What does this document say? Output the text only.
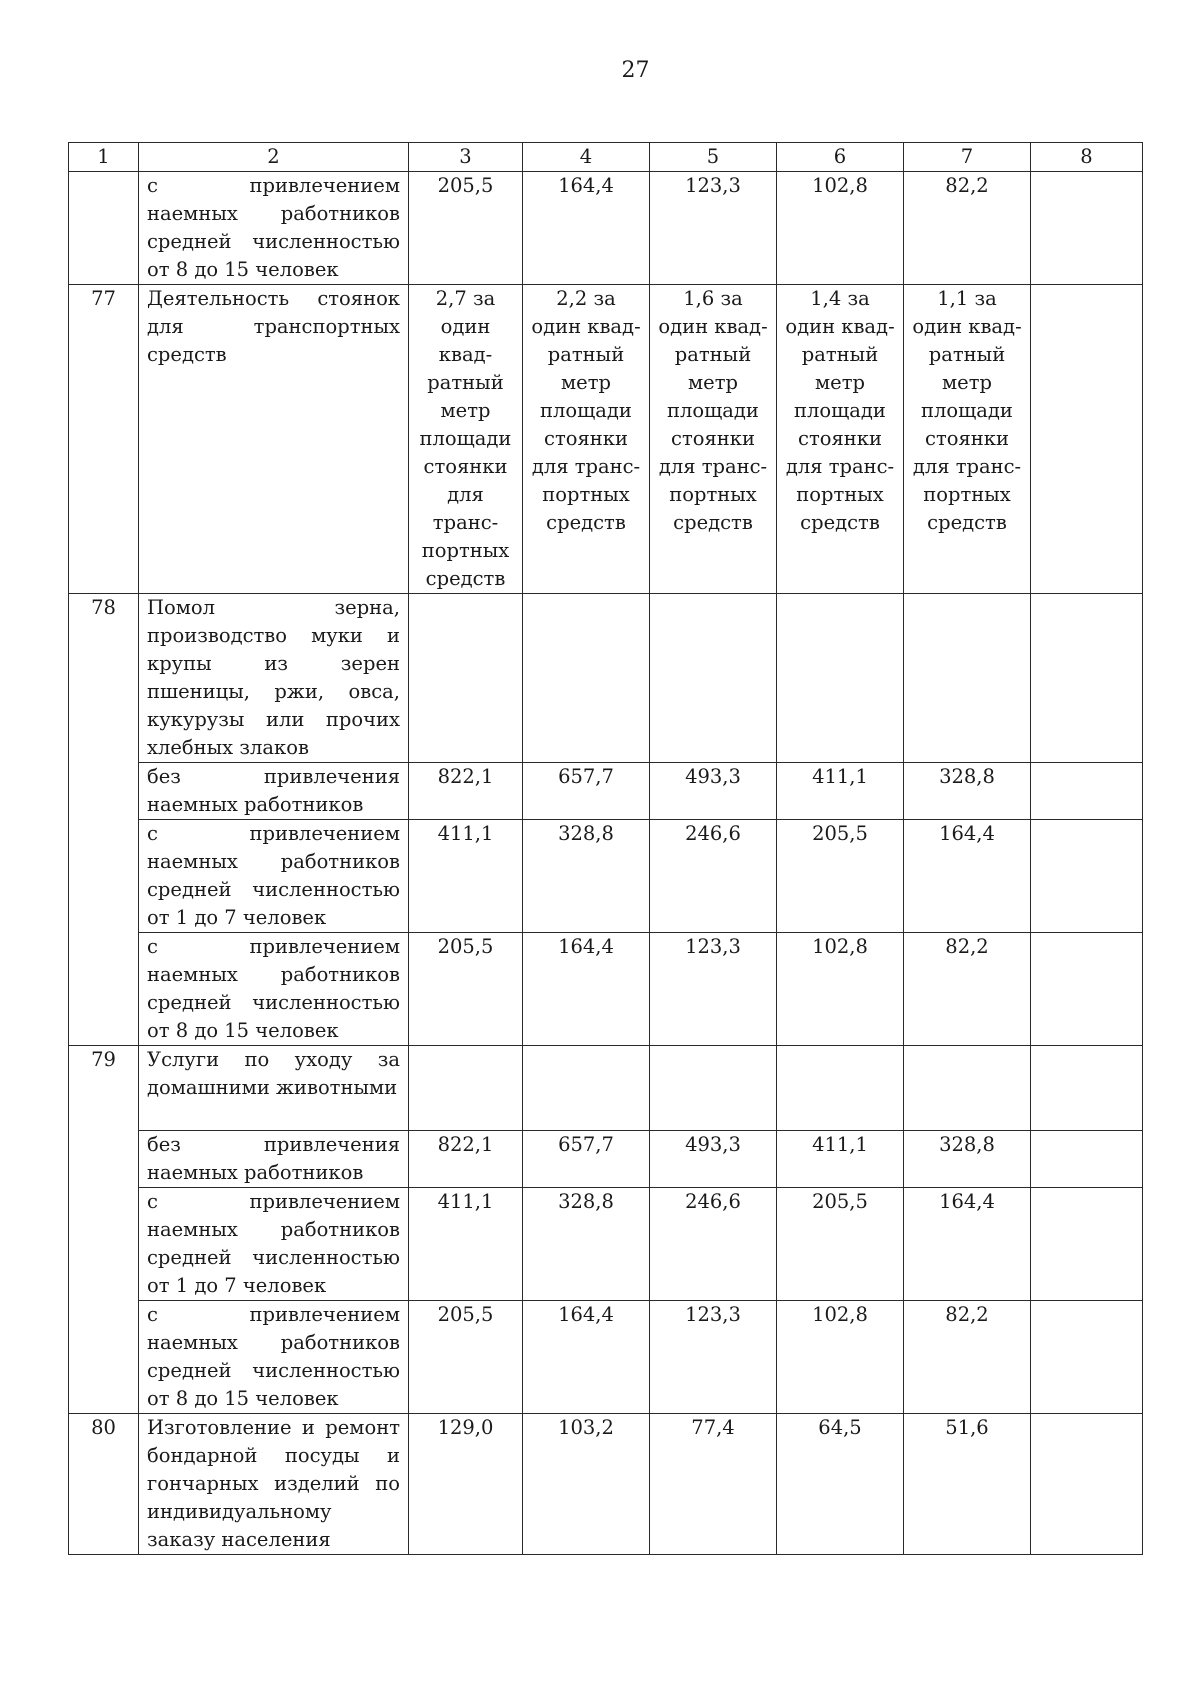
27
1	2	3	4	5	6	7	8
	с привлечением наемных работников средней численностью от 8 до 15 человек	205,5	164,4	123,3	102,8	82,2	
77	Деятельность стоянок для транспортных средств	2,7 за один квад-ратный метр площади стоянки для транс-портных средств	2,2 за один квад-ратный метр площади стоянки для транс-портных средств	1,6 за один квад-ратный метр площади стоянки для транс-портных средств	1,4 за один квад-ратный метр площади стоянки для транс-портных средств	1,1 за один квад-ратный метр площади стоянки для транс-портных средств	
78	Помол зерна, производство муки и крупы из зерен пшеницы, ржи, овса, кукурузы или прочих хлебных злаков						
	без привлечения наемных работников	822,1	657,7	493,3	411,1	328,8	
	с привлечением наемных работников средней численностью от 1 до 7 человек	411,1	328,8	246,6	205,5	164,4	
	с привлечением наемных работников средней численностью от 8 до 15 человек	205,5	164,4	123,3	102,8	82,2	
79	Услуги по уходу за домашними животными						
	без привлечения наемных работников	822,1	657,7	493,3	411,1	328,8	
	с привлечением наемных работников средней численностью от 1 до 7 человек	411,1	328,8	246,6	205,5	164,4	
	с привлечением наемных работников средней численностью от 8 до 15 человек	205,5	164,4	123,3	102,8	82,2	
80	Изготовление и ремонт бондарной посуды и гончарных изделий по индивидуальному заказу населения	129,0	103,2	77,4	64,5	51,6	
